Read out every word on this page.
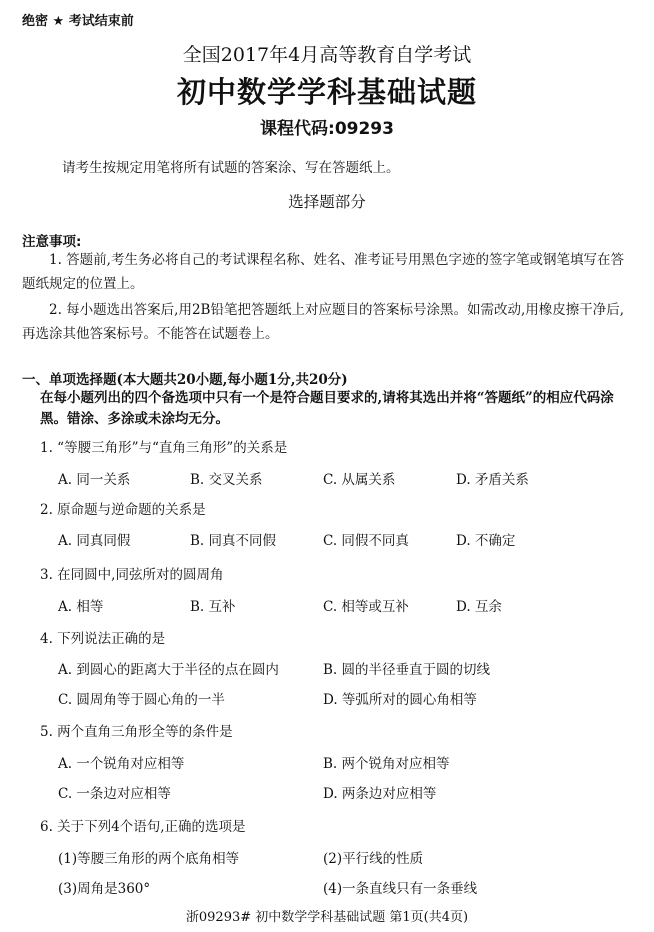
绝密 ★ 考试结束前
全国2017年4月高等教育自学考试
初中数学学科基础试题
课程代码:09293
请考生按规定用笔将所有试题的答案涂、写在答题纸上。
选择题部分
注意事项:
1. 答题前,考生务必将自己的考试课程名称、姓名、准考证号用黑色字迹的签字笔或钢笔填写在答题纸规定的位置上。
2. 每小题选出答案后,用2B铅笔把答题纸上对应题目的答案标号涂黑。如需改动,用橡皮擦干净后,再选涂其他答案标号。不能答在试题卷上。
一、单项选择题(本大题共20小题,每小题1分,共20分)
在每小题列出的四个备选项中只有一个是符合题目要求的,请将其选出并将“答题纸”的相应代码涂黑。错涂、多涂或未涂均无分。
1. “等腰三角形”与“直角三角形”的关系是
A. 同一关系	B. 交叉关系	C. 从属关系	D. 矛盾关系
2. 原命题与逆命题的关系是
A. 同真同假	B. 同真不同假	C. 同假不同真	D. 不确定
3. 在同圆中,同弦所对的圆周角
A. 相等	B. 互补	C. 相等或互补	D. 互余
4. 下列说法正确的是
A. 到圆心的距离大于半径的点在圆内	B. 圆的半径垂直于圆的切线
C. 圆周角等于圆心角的一半	D. 等弧所对的圆心角相等
5. 两个直角三角形全等的条件是
A. 一个锐角对应相等	B. 两个锐角对应相等
C. 一条边对应相等	D. 两条边对应相等
6. 关于下列4个语句,正确的选项是
(1)等腰三角形的两个底角相等	(2)平行线的性质
(3)周角是360°	(4)一条直线只有一条垂线
浙09293# 初中数学学科基础试题 第1页(共4页)
